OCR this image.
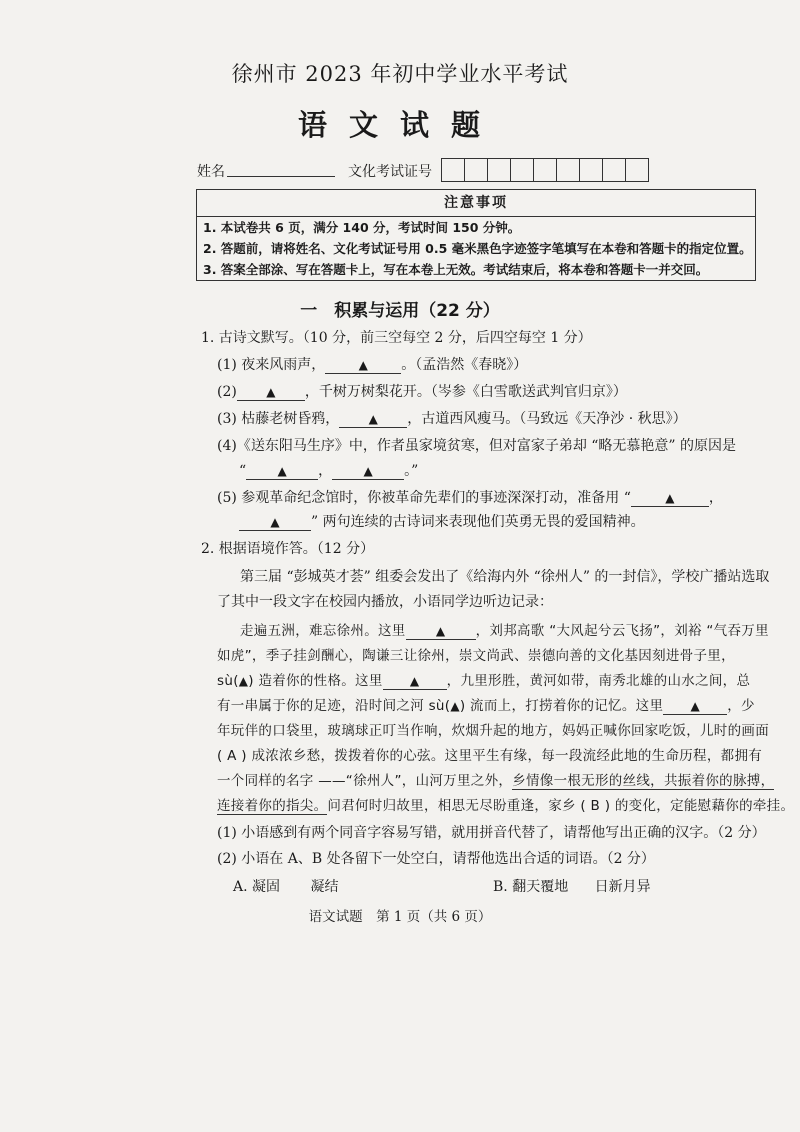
徐州市 2023 年初中学业水平考试
语文试题
姓名	文化考试证号
注意事项
1. 本试卷共 6 页，满分 140 分，考试时间 150 分钟。
2. 答题前，请将姓名、文化考试证号用 0.5 毫米黑色字迹签字笔填写在本卷和答题卡的指定位置。
3. 答案全部涂、写在答题卡上，写在本卷上无效。考试结束后，将本卷和答题卡一并交回。
一　积累与运用（22 分）
1. 古诗文默写。（10 分，前三空每空 2 分，后四空每空 1 分）
(1) 夜来风雨声，	▲ 。（孟浩然《春晓》）
(2) ▲ ，千树万树梨花开。（岑参《白雪歌送武判官归京》）
(3) 枯藤老树昏鸦， ▲ ，古道西风瘦马。（马致远《天净沙 · 秋思》）
(4)《送东阳马生序》中，作者虽家境贫寒，但对富家子弟却 “略无慕艳意” 的原因是
“	▲ ，	▲ 。”
(5) 参观革命纪念馆时，你被革命先辈们的事迹深深打动，准备用 “	▲ ，
▲ ” 两句连续的古诗词来表现他们英勇无畏的爱国精神。
2. 根据语境作答。（12 分）
第三届 “彭城英才荟” 组委会发出了《给海内外 “徐州人” 的一封信》，学校广播站选取
了其中一段文字在校园内播放，小语同学边听边记录：
走遍五洲，难忘徐州。这里	▲ ，刘邦高歌 “大风起兮云飞扬”，刘裕 “气吞万里
如虎”，季子挂剑酬心，陶谦三让徐州，崇文尚武、崇德向善的文化基因刻进骨子里，
sù(▲) 造着你的性格。这里 ▲ ，九里形胜，黄河如带，南秀北雄的山水之间，总
有一串属于你的足迹，沿时间之河 sù(▲) 流而上，打捞着你的记忆。这里 ▲ ，少
年玩伴的口袋里，玻璃球正叮当作响，炊烟升起的地方，妈妈正喊你回家吃饭，儿时的画面
( A ) 成浓浓乡愁，拨拨着你的心弦。这里平生有缘，每一段流经此地的生命历程，都拥有
一个同样的名字 ——“徐州人”，山河万里之外，乡情像一根无形的丝线，共振着你的脉搏，
连接着你的指尖。问君何时归故里，相思无尽盼重逢，家乡 ( B ) 的变化，定能慰藉你的牵挂。
(1) 小语感到有两个同音字容易写错，就用拼音代替了，请帮他写出正确的汉字。（2 分）
(2) 小语在 A、B 处各留下一处空白，请帮他选出合适的词语。（2 分）
A. 凝固 凝结	B. 翻天覆地 日新月异
语文试题　第 1 页（共 6 页）
